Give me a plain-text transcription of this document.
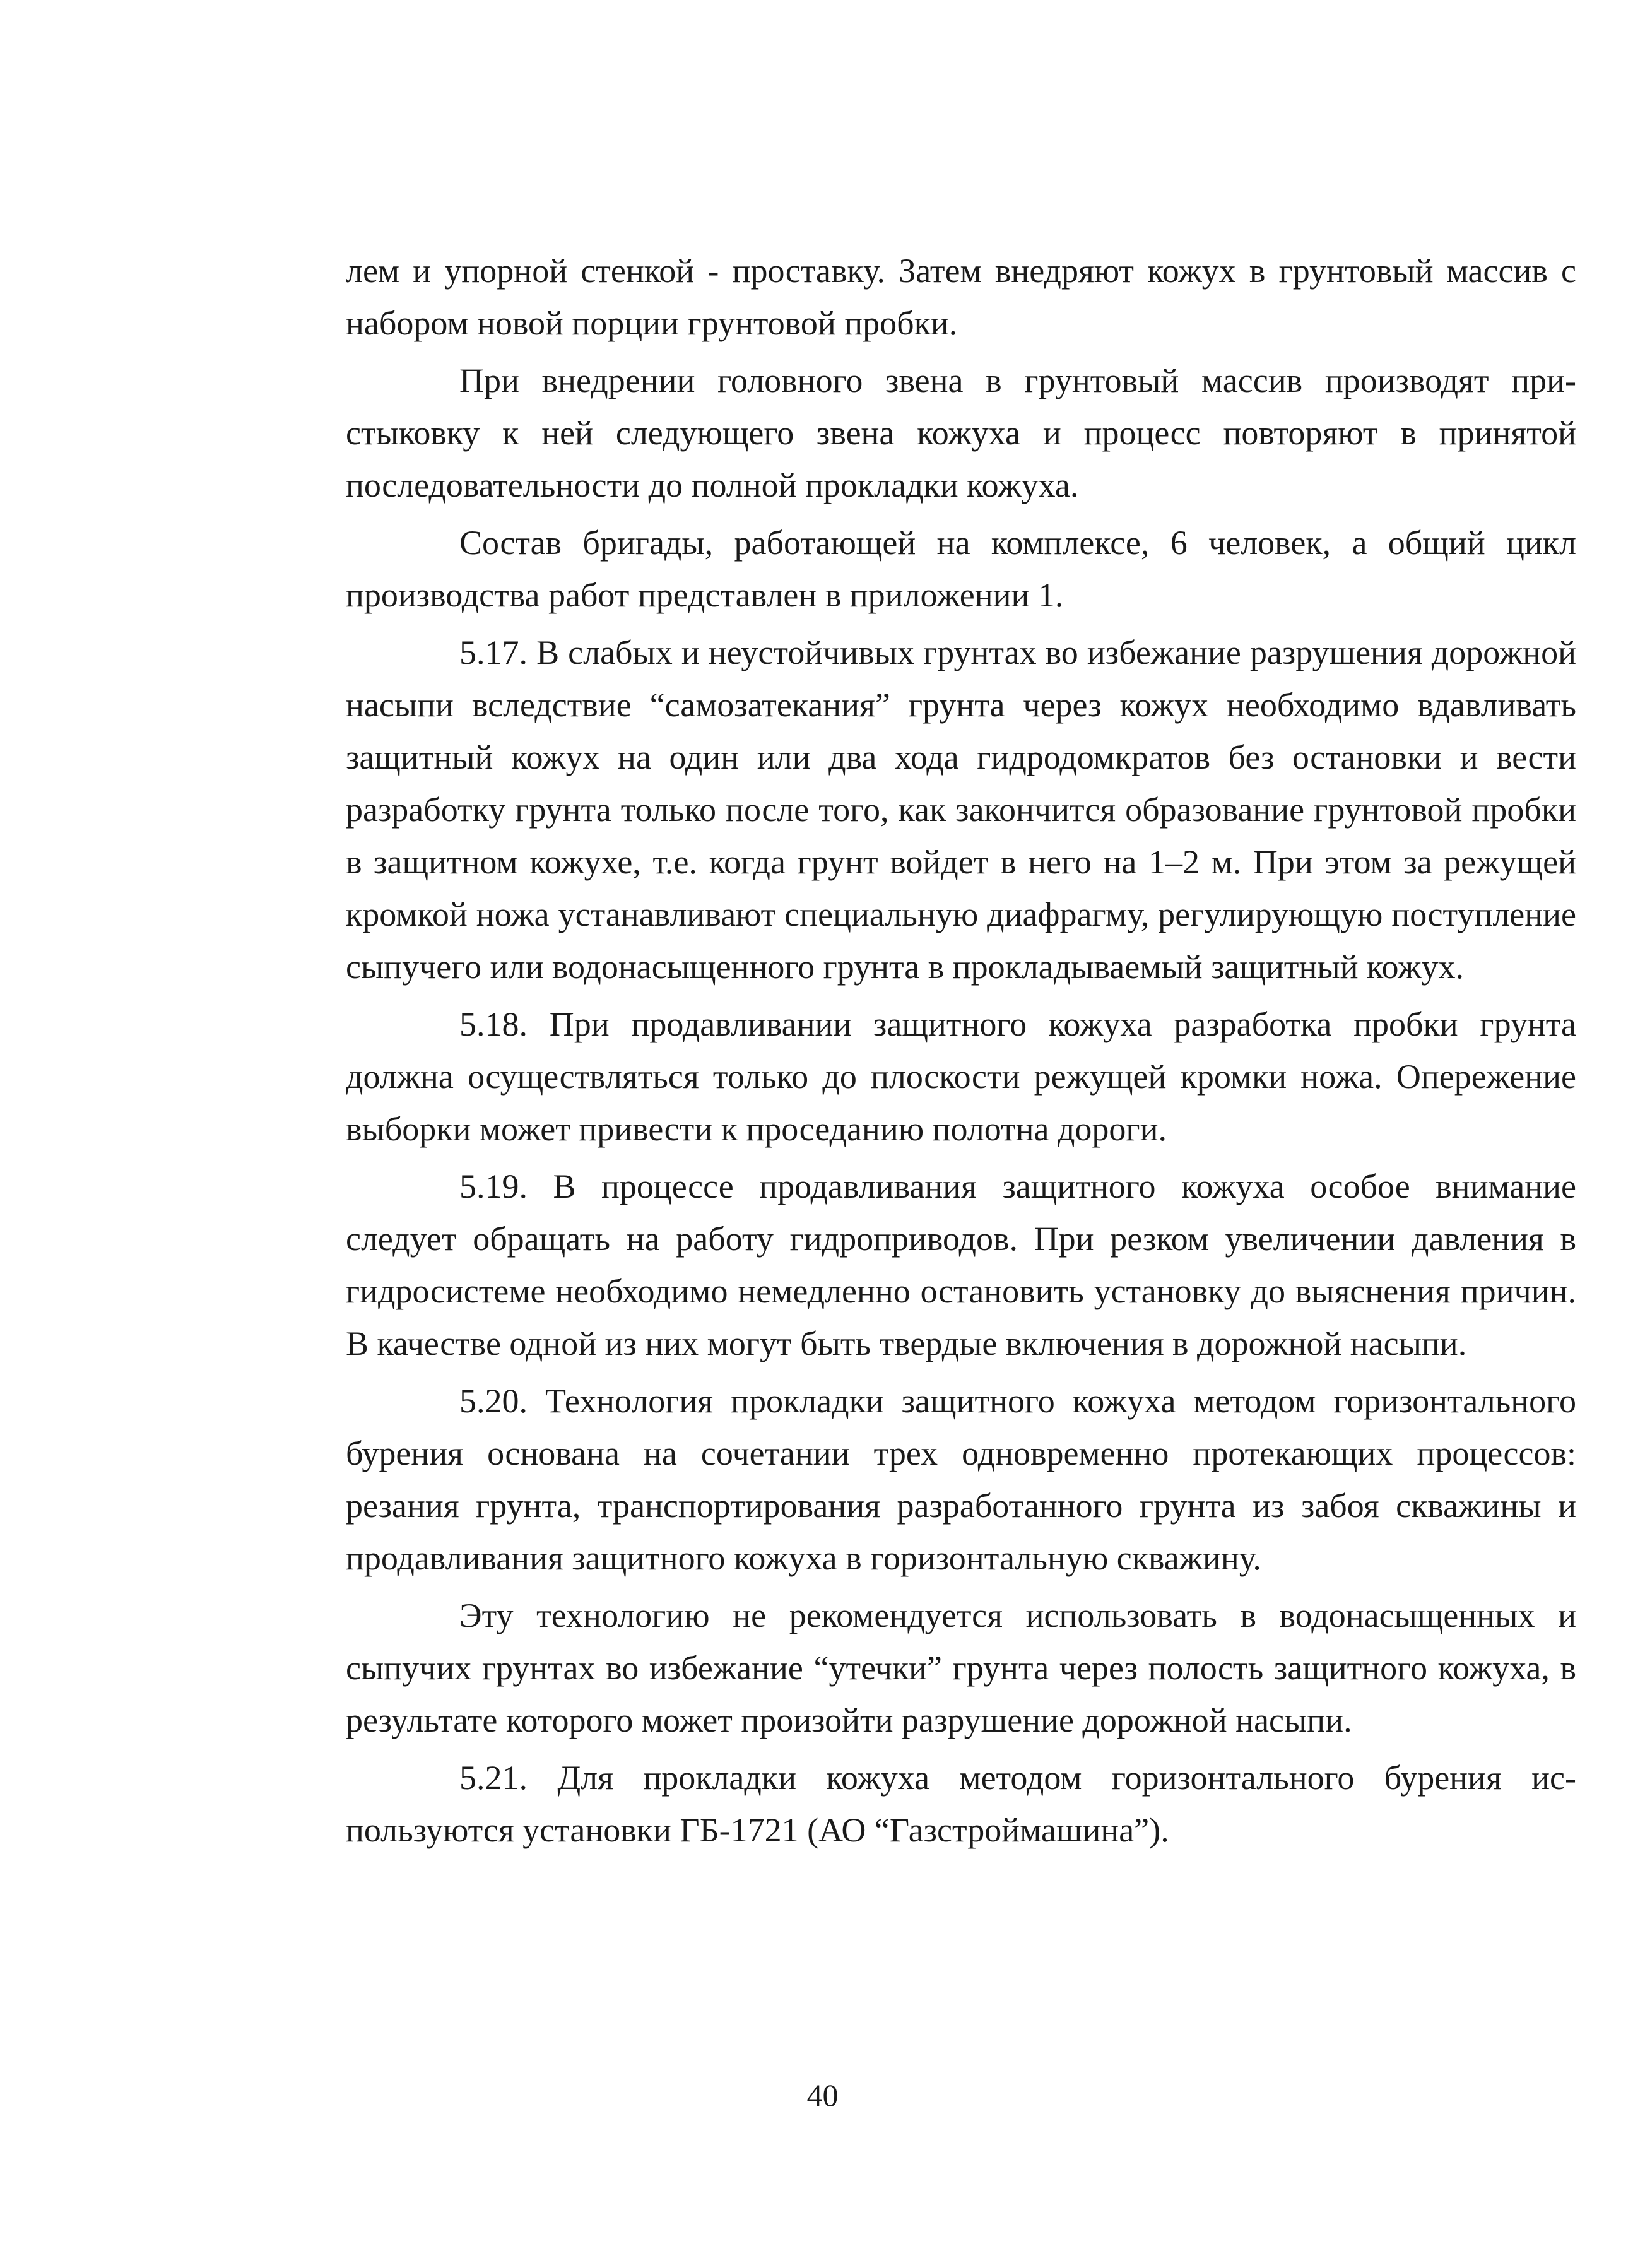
лем и упорной стенкой - проставку. Затем внедряют кожух в грунтовый массив с набором новой порции грунтовой пробки.

При внедрении головного звена в грунтовый массив производят пристыковку к ней следующего звена кожуха и процесс повторяют в принятой последовательности до полной прокладки кожуха.

Состав бригады, работающей на комплексе, 6 человек, а общий цикл производства работ представлен в приложении 1.

5.17. В слабых и неустойчивых грунтах во избежание разрушения дорожной насыпи вследствие “самозатекания” грунта через кожух необходимо вдавливать защитный кожух на один или два хода гидродомкратов без остановки и вести разработку грунта только после того, как закончится образование грунтовой пробки в защитном кожухе, т.е. когда грунт войдет в него на 1–2 м. При этом за режущей кромкой ножа устанавливают специальную диафрагму, регулирующую поступление сыпучего или водонасыщенного грунта в прокладываемый защитный кожух.

5.18. При продавливании защитного кожуха разработка пробки грунта должна осуществляться только до плоскости режущей кромки ножа. Опережение выборки может привести к проседанию полотна дороги.

5.19. В процессе продавливания защитного кожуха особое внимание следует обращать на работу гидроприводов. При резком увеличении давления в гидросистеме необходимо немедленно остановить установку до выяснения причин. В качестве одной из них могут быть твердые включения в дорожной насыпи.

5.20. Технология прокладки защитного кожуха методом горизонтального бурения основана на сочетании трех одновременно протекающих процессов: резания грунта, транспортирования разработанного грунта из забоя скважины и продавливания защитного кожуха в горизонтальную скважину.

Эту технологию не рекомендуется использовать в водонасыщенных и сыпучих грунтах во избежание “утечки” грунта через полость защитного кожуха, в результате которого может произойти разрушение дорожной насыпи.

5.21. Для прокладки кожуха методом горизонтального бурения используются установки ГБ-1721 (АО “Газстроймашина”).

40
